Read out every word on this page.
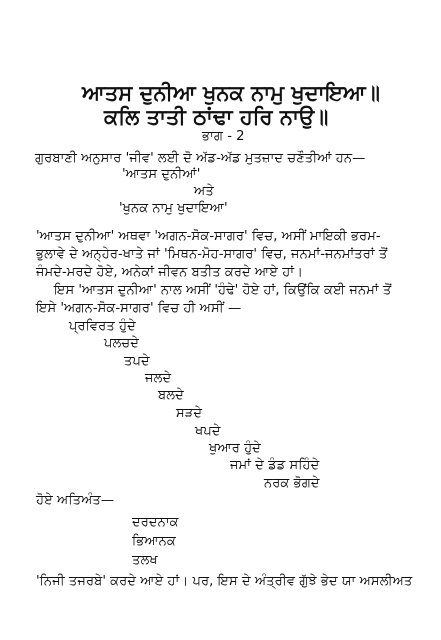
ਆਤਸ ਦੁਨੀਆ ਖੁਨਕ ਨਾਮੁ ਖੁਦਾਇਆ॥
ਕਲਿ ਤਾਤੀ ਠਾਂਢਾ ਹਰਿ ਨਾਉ॥
ਭਾਗ - 2
ਗੁਰਬਾਣੀ ਅਨੁਸਾਰ 'ਜੀਵ' ਲਈ ਦੋ ਅੱਡ-ਅੱਡ ਮੁਤਜ਼ਾਦ ਚਣੌਤੀਆਂ ਹਨ—
'ਆਤਸ ਦੁਨੀਆਂ'
ਅਤੇ
'ਖੁਨਕ ਨਾਮੁ ਖੁਦਾਇਆ'
'ਆਤਸ ਦੁਨੀਆ' ਅਥਵਾ 'ਅਗਨ-ਸੋਕ-ਸਾਗਰ' ਵਿਚ, ਅਸੀਂ ਮਾਇਕੀ ਭਰਮ-
ਭੁਲਾਵੇ ਦੇ ਅਨ੍ਹੇਰ-ਖਾਤੇ ਜਾਂ 'ਮਿਥਨ-ਮੋਹ-ਸਾਗਰ' ਵਿਚ, ਜਨਮਾਂ-ਜਨਮਾਂਤਰਾਂ ਤੋਂ
ਜੰਮਦੇ-ਮਰਦੇ ਹੋਏ, ਅਨੇਕਾਂ ਜੀਵਨ ਬਤੀਤ ਕਰਦੇ ਆਏ ਹਾਂ।
ਇਸ 'ਆਤਸ ਦੁਨੀਆ' ਨਾਲ ਅਸੀਂ 'ਹੰਢੇ' ਹੋਏ ਹਾਂ, ਕਿਉਂਕਿ ਕਈ ਜਨਮਾਂ ਤੋਂ
ਇਸੇ 'ਅਗਨ-ਸੋਕ-ਸਾਗਰ' ਵਿਚ ਹੀ ਅਸੀਂ —
ਪ੍ਰਵਿਰਤ ਹੁੰਦੇ
ਪਲਚਦੇ
ਤਪਦੇ
ਜਲਦੇ
ਬਲਦੇ
ਸੜਦੇ
ਖਪਦੇ
ਖੁਆਰ ਹੁੰਦੇ
ਜਮਾਂ ਦੇ ਡੰਡ ਸਹਿੰਦੇ
ਨਰਕ ਭੋਗਦੇ
ਹੋਏ ਅਤਿਅੰਤ—
ਦਰਦਨਾਕ
ਭਿਆਨਕ
ਤਲਖ
'ਨਿਜੀ ਤਜਰਬੇ' ਕਰਦੇ ਆਏ ਹਾਂ। ਪਰ, ਇਸ ਦੇ ਅੰਤ੍ਰੀਵ ਗੁੱਝੇ ਭੇਦ ਯਾ ਅਸਲੀਅਤ
